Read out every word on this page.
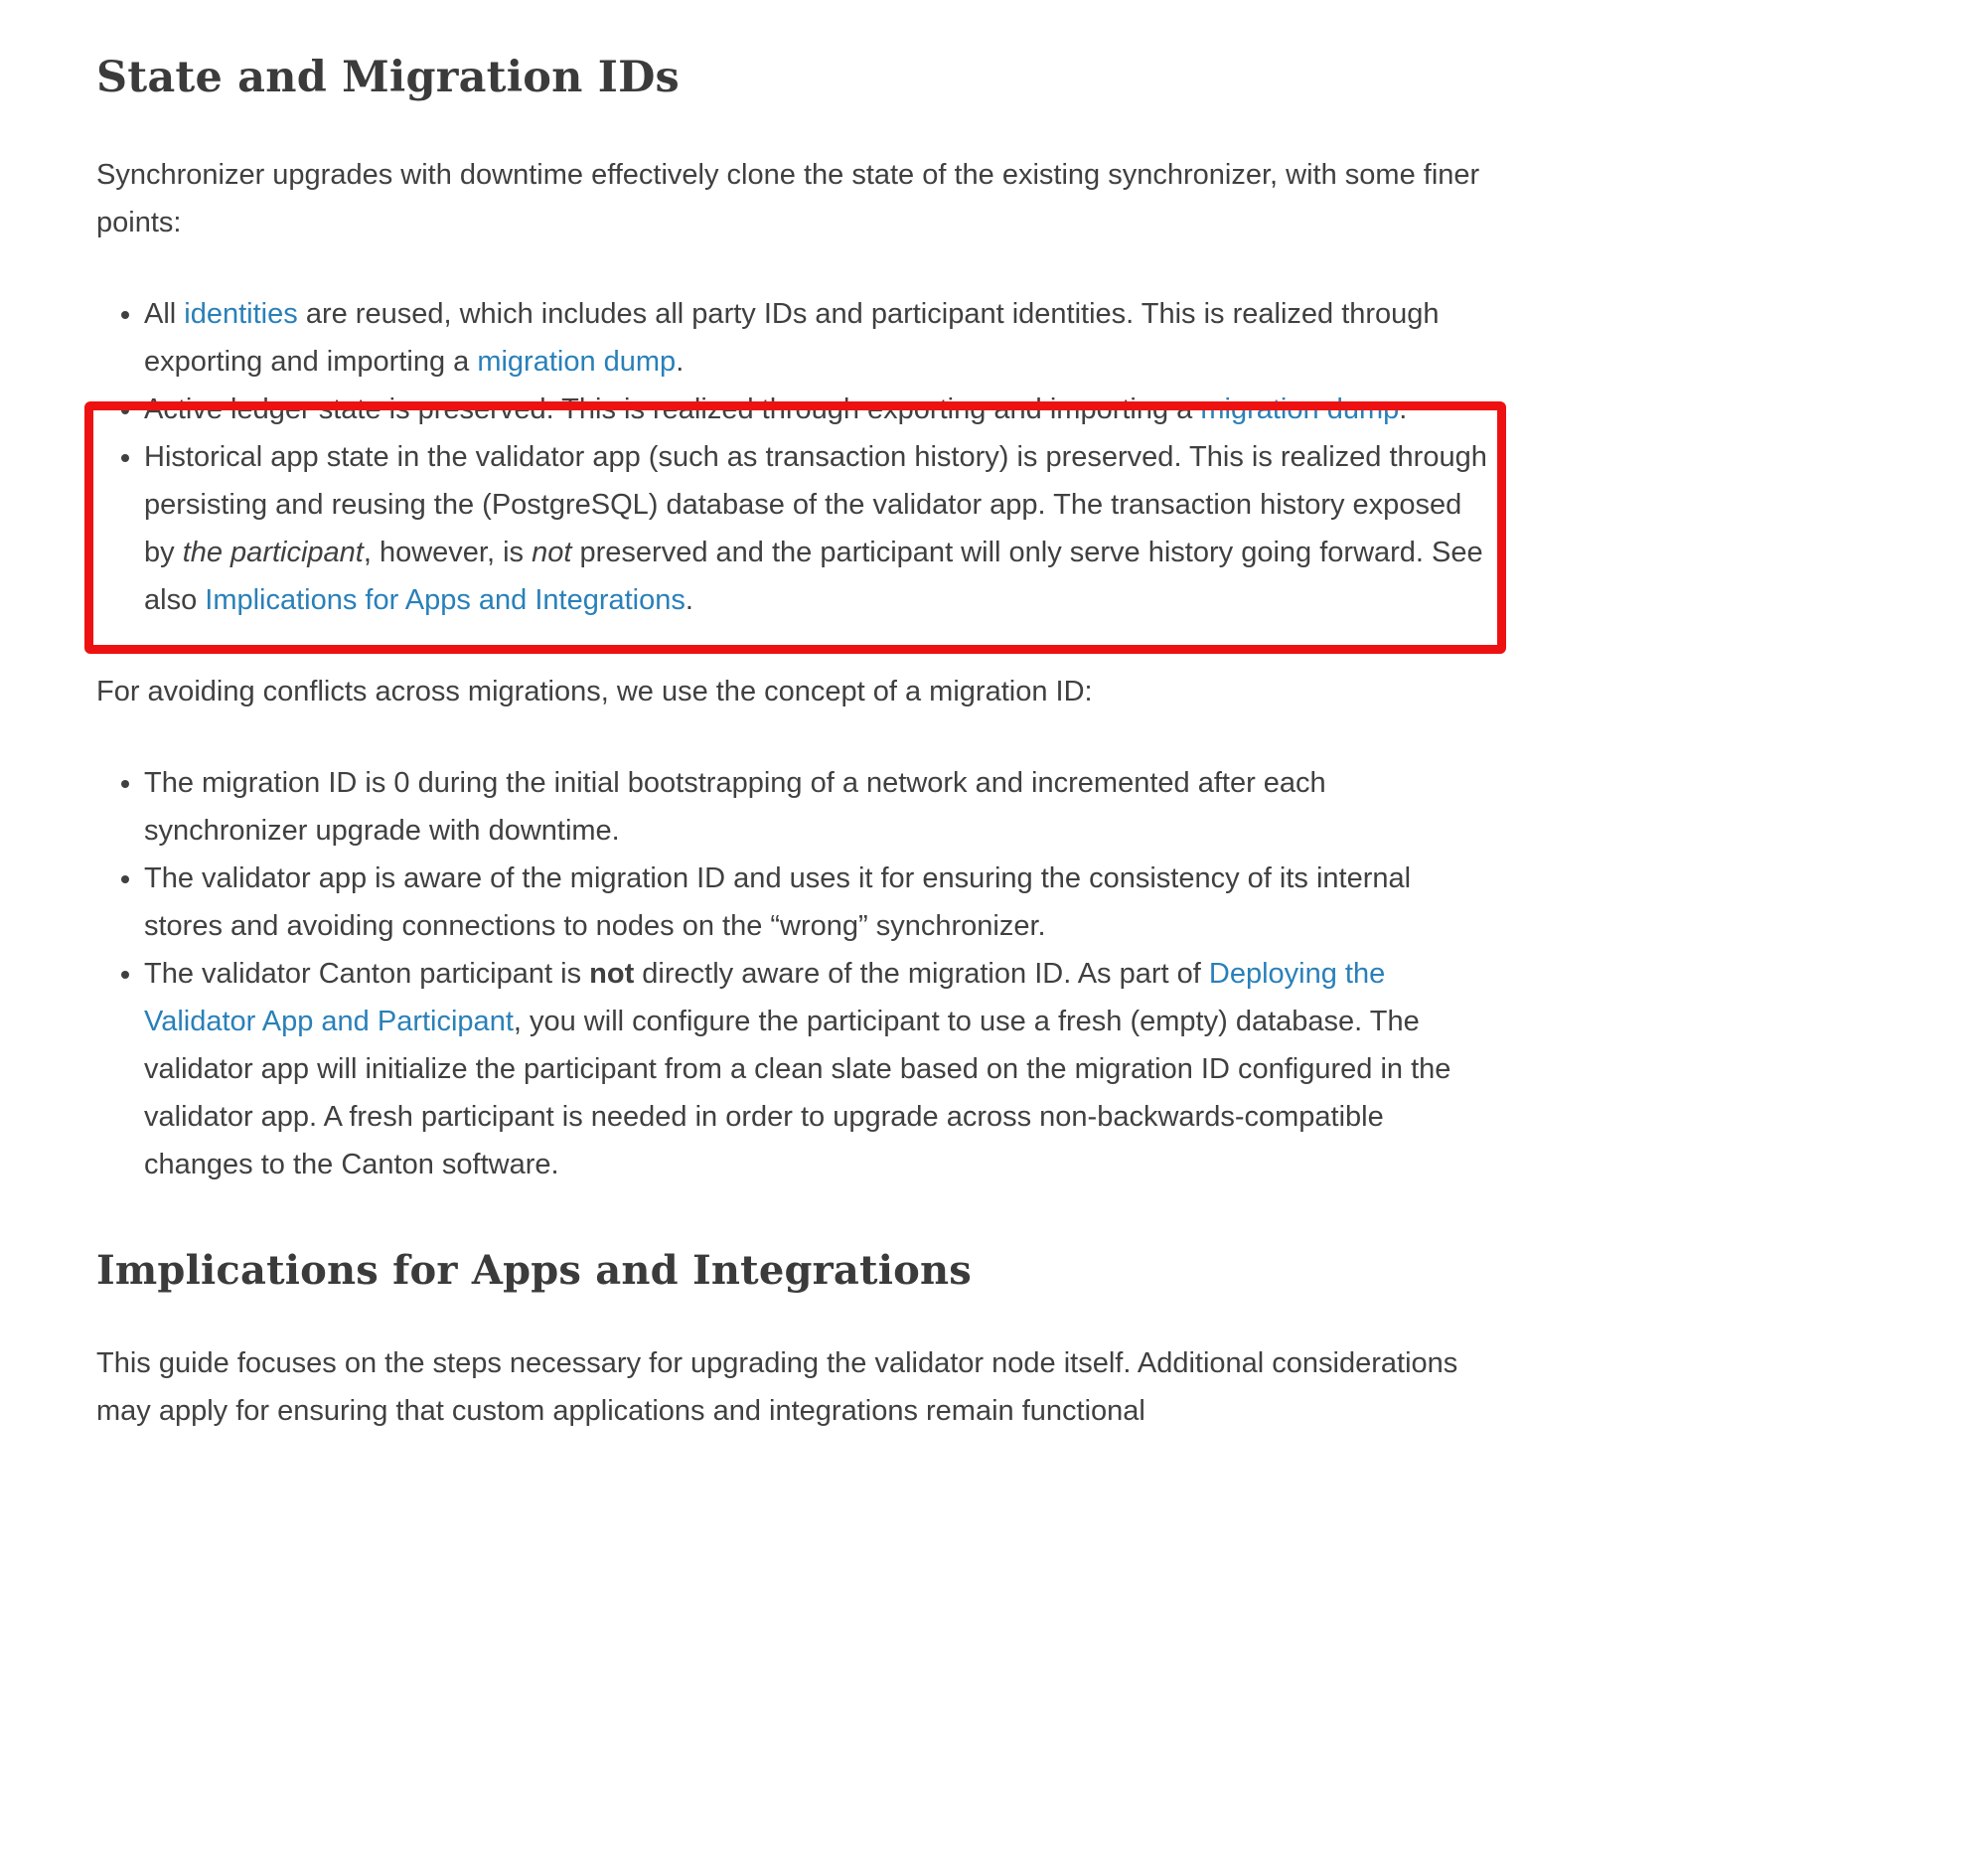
State and Migration IDs

Synchronizer upgrades with downtime effectively clone the state of the existing synchronizer, with some finer points:

• All identities are reused, which includes all party IDs and participant identities. This is realized through exporting and importing a migration dump.
• Active ledger state is preserved. This is realized through exporting and importing a migration dump.
• Historical app state in the validator app (such as transaction history) is preserved. This is realized through persisting and reusing the (PostgreSQL) database of the validator app. The transaction history exposed by the participant, however, is not preserved and the participant will only serve history going forward. See also Implications for Apps and Integrations.

For avoiding conflicts across migrations, we use the concept of a migration ID:

• The migration ID is 0 during the initial bootstrapping of a network and incremented after each synchronizer upgrade with downtime.
• The validator app is aware of the migration ID and uses it for ensuring the consistency of its internal stores and avoiding connections to nodes on the “wrong” synchronizer.
• The validator Canton participant is not directly aware of the migration ID. As part of Deploying the Validator App and Participant, you will configure the participant to use a fresh (empty) database. The validator app will initialize the participant from a clean slate based on the migration ID configured in the validator app. A fresh participant is needed in order to upgrade across non-backwards-compatible changes to the Canton software.
Implications for Apps and Integrations

This guide focuses on the steps necessary for upgrading the validator node itself. Additional considerations may apply for ensuring that custom applications and integrations remain functional
